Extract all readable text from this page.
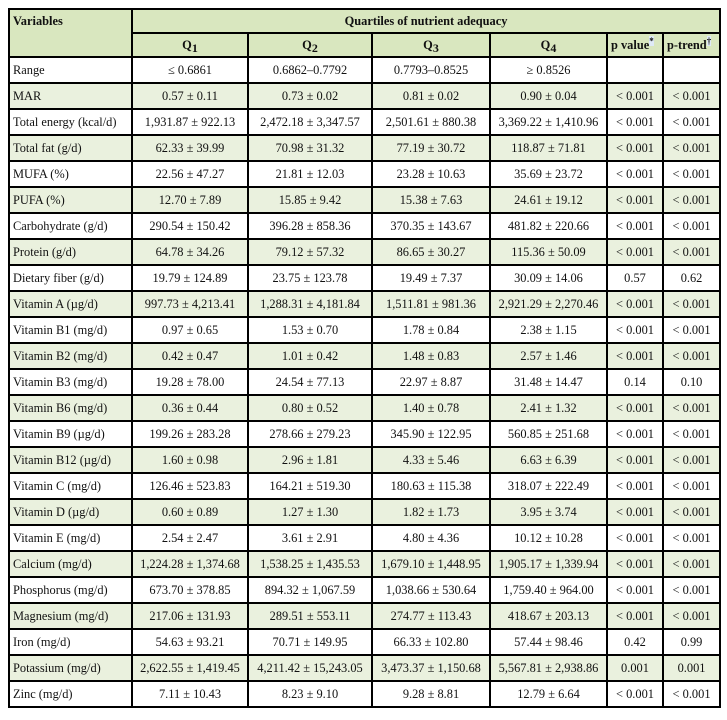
Variables	Quartiles of nutrient adequacy					
	$Q_1$	$Q_2$	$Q_3$	$Q_4$	p value*	p-trend†
Range	≤ 0.6861	0.6862–0.7792	0.7793–0.8525	≥ 0.8526		
MAR	0.57 ± 0.11	0.73 ± 0.02	0.81 ± 0.02	0.90 ± 0.04	< 0.001	< 0.001
Total energy (kcal/d)	1,931.87 ± 922.13	2,472.18 ± 3,347.57	2,501.61 ± 880.38	3,369.22 ± 1,410.96	< 0.001	< 0.001
Total fat (g/d)	62.33 ± 39.99	70.98 ± 31.32	77.19 ± 30.72	118.87 ± 71.81	< 0.001	< 0.001
MUFA (%)	22.56 ± 47.27	21.81 ± 12.03	23.28 ± 10.63	35.69 ± 23.72	< 0.001	< 0.001
PUFA (%)	12.70 ± 7.89	15.85 ± 9.42	15.38 ± 7.63	24.61 ± 19.12	< 0.001	< 0.001
Carbohydrate (g/d)	290.54 ± 150.42	396.28 ± 858.36	370.35 ± 143.67	481.82 ± 220.66	< 0.001	< 0.001
Protein (g/d)	64.78 ± 34.26	79.12 ± 57.32	86.65 ± 30.27	115.36 ± 50.09	< 0.001	< 0.001
Dietary fiber (g/d)	19.79 ± 124.89	23.75 ± 123.78	19.49 ± 7.37	30.09 ± 14.06	0.57	0.62
Vitamin A (µg/d)	997.73 ± 4,213.41	1,288.31 ± 4,181.84	1,511.81 ± 981.36	2,921.29 ± 2,270.46	< 0.001	< 0.001
Vitamin B1 (mg/d)	0.97 ± 0.65	1.53 ± 0.70	1.78 ± 0.84	2.38 ± 1.15	< 0.001	< 0.001
Vitamin B2 (mg/d)	0.42 ± 0.47	1.01 ± 0.42	1.48 ± 0.83	2.57 ± 1.46	< 0.001	< 0.001
Vitamin B3 (mg/d)	19.28 ± 78.00	24.54 ± 77.13	22.97 ± 8.87	31.48 ± 14.47	0.14	0.10
Vitamin B6 (mg/d)	0.36 ± 0.44	0.80 ± 0.52	1.40 ± 0.78	2.41 ± 1.32	< 0.001	< 0.001
Vitamin B9 (µg/d)	199.26 ± 283.28	278.66 ± 279.23	345.90 ± 122.95	560.85 ± 251.68	< 0.001	< 0.001
Vitamin B12 (µg/d)	1.60 ± 0.98	2.96 ± 1.81	4.33 ± 5.46	6.63 ± 6.39	< 0.001	< 0.001
Vitamin C (mg/d)	126.46 ± 523.83	164.21 ± 519.30	180.63 ± 115.38	318.07 ± 222.49	< 0.001	< 0.001
Vitamin D (µg/d)	0.60 ± 0.89	1.27 ± 1.30	1.82 ± 1.73	3.95 ± 3.74	< 0.001	< 0.001
Vitamin E (mg/d)	2.54 ± 2.47	3.61 ± 2.91	4.80 ± 4.36	10.12 ± 10.28	< 0.001	< 0.001
Calcium (mg/d)	1,224.28 ± 1,374.68	1,538.25 ± 1,435.53	1,679.10 ± 1,448.95	1,905.17 ± 1,339.94	< 0.001	< 0.001
Phosphorus (mg/d)	673.70 ± 378.85	894.32 ± 1,067.59	1,038.66 ± 530.64	1,759.40 ± 964.00	< 0.001	< 0.001
Magnesium (mg/d)	217.06 ± 131.93	289.51 ± 553.11	274.77 ± 113.43	418.67 ± 203.13	< 0.001	< 0.001
Iron (mg/d)	54.63 ± 93.21	70.71 ± 149.95	66.33 ± 102.80	57.44 ± 98.46	0.42	0.99
Potassium (mg/d)	2,622.55 ± 1,419.45	4,211.42 ± 15,243.05	3,473.37 ± 1,150.68	5,567.81 ± 2,938.86	0.001	0.001
Zinc (mg/d)	7.11 ± 10.43	8.23 ± 9.10	9.28 ± 8.81	12.79 ± 6.64	< 0.001	< 0.001
